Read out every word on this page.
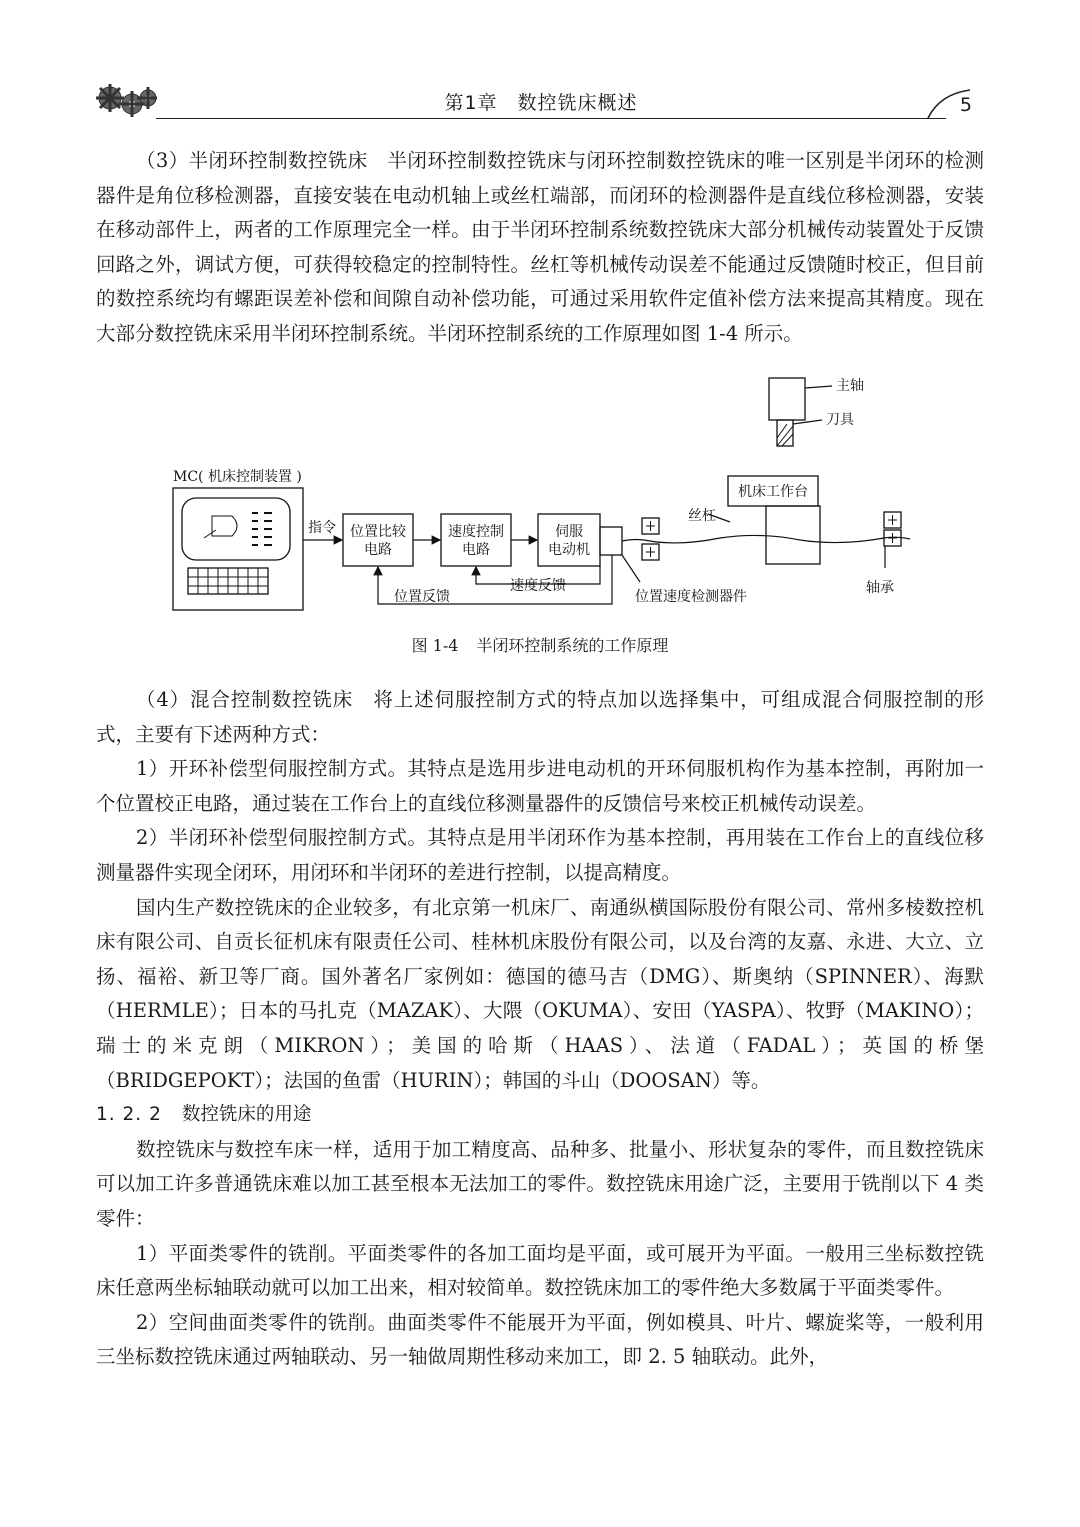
第1章　数控铣床概述	5

（3）半闭环控制数控铣床　半闭环控制数控铣床与闭环控制数控铣床的唯一区别是半闭环的检测器件是角位移检测器，直接安装在电动机轴上或丝杠端部，而闭环的检测器件是直线位移检测器，安装在移动部件上，两者的工作原理完全一样。由于半闭环控制系统数控铣床大部分机械传动装置处于反馈回路之外，调试方便，可获得较稳定的控制特性。丝杠等机械传动误差不能通过反馈随时校正，但目前的数控系统均有螺距误差补偿和间隙自动补偿功能，可通过采用软件定值补偿方法来提高其精度。现在大部分数控铣床采用半闭环控制系统。半闭环控制系统的工作原理如图 1-4 所示。

MC( 机床控制装置 )
指令 位置比较
电路
速度控制
电路
伺服
电动机
速度反馈
位置反馈	位置速度检测器件
丝杠
机床工作台
主轴
刀具
轴承
图 1-4 半闭环控制系统的工作原理

（4）混合控制数控铣床　将上述伺服控制方式的特点加以选择集中，可组成混合伺服控制的形式，主要有下述两种方式：

1）开环补偿型伺服控制方式。其特点是选用步进电动机的开环伺服机构作为基本控制，再附加一个位置校正电路，通过装在工作台上的直线位移测量器件的反馈信号来校正机械传动误差。

2）半闭环补偿型伺服控制方式。其特点是用半闭环作为基本控制，再用装在工作台上的直线位移测量器件实现全闭环，用闭环和半闭环的差进行控制，以提高精度。

国内生产数控铣床的企业较多，有北京第一机床厂、南通纵横国际股份有限公司、常州多棱数控机床有限公司、自贡长征机床有限责任公司、桂林机床股份有限公司，以及台湾的友嘉、永进、大立、立扬、福裕、新卫等厂商。国外著名厂家例如：德国的德马吉（DMG）、斯奥纳（SPINNER）、海默（HERMLE）；日本的马扎克（MAZAK）、大隈（OKUMA）、安田（YASPA）、牧野（MAKINO）；瑞士的米克朗（MIKRON）；美国的哈斯（HAAS）、法道（FADAL）；英国的桥堡（BRIDGEPOKT）；法国的鱼雷（HURIN）；韩国的斗山（DOOSAN）等。

1. 2. 2 数控铣床的用途

数控铣床与数控车床一样，适用于加工精度高、品种多、批量小、形状复杂的零件，而且数控铣床可以加工许多普通铣床难以加工甚至根本无法加工的零件。数控铣床用途广泛，主要用于铣削以下 4 类零件：

1）平面类零件的铣削。平面类零件的各加工面均是平面，或可展开为平面。一般用三坐标数控铣床任意两坐标轴联动就可以加工出来，相对较简单。数控铣床加工的零件绝大多数属于平面类零件。

2）空间曲面类零件的铣削。曲面类零件不能展开为平面，例如模具、叶片、螺旋桨等，一般利用三坐标数控铣床通过两轴联动、另一轴做周期性移动来加工，即 2. 5 轴联动。此外，
